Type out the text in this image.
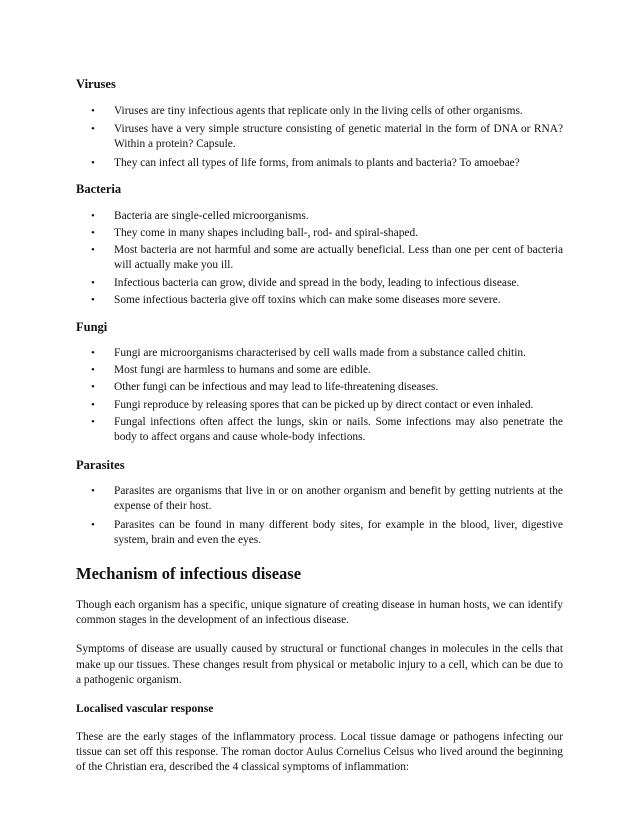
Viruses
• Viruses are tiny infectious agents that replicate only in the living cells of other organisms.
• Viruses have a very simple structure consisting of genetic material in the form of DNA or RNA? Within a protein? Capsule.
• They can infect all types of life forms, from animals to plants and bacteria? To amoebae?
Bacteria
• Bacteria are single-celled microorganisms.
• They come in many shapes including ball-, rod- and spiral-shaped.
• Most bacteria are not harmful and some are actually beneficial. Less than one per cent of bacteria will actually make you ill.
• Infectious bacteria can grow, divide and spread in the body, leading to infectious disease.
• Some infectious bacteria give off toxins which can make some diseases more severe.
Fungi
• Fungi are microorganisms characterised by cell walls made from a substance called chitin.
• Most fungi are harmless to humans and some are edible.
• Other fungi can be infectious and may lead to life-threatening diseases.
• Fungi reproduce by releasing spores that can be picked up by direct contact or even inhaled.
• Fungal infections often affect the lungs, skin or nails. Some infections may also penetrate the body to affect organs and cause whole-body infections.
Parasites
• Parasites are organisms that live in or on another organism and benefit by getting nutrients at the expense of their host.
• Parasites can be found in many different body sites, for example in the blood, liver, digestive system, brain and even the eyes.
Mechanism of infectious disease

Though each organism has a specific, unique signature of creating disease in human hosts, we can identify common stages in the development of an infectious disease.

Symptoms of disease are usually caused by structural or functional changes in molecules in the cells that make up our tissues. These changes result from physical or metabolic injury to a cell, which can be due to a pathogenic organism.

Localised vascular response

These are the early stages of the inflammatory process. Local tissue damage or pathogens infecting our tissue can set off this response. The roman doctor Aulus Cornelius Celsus who lived around the beginning of the Christian era, described the 4 classical symptoms of inflammation:
